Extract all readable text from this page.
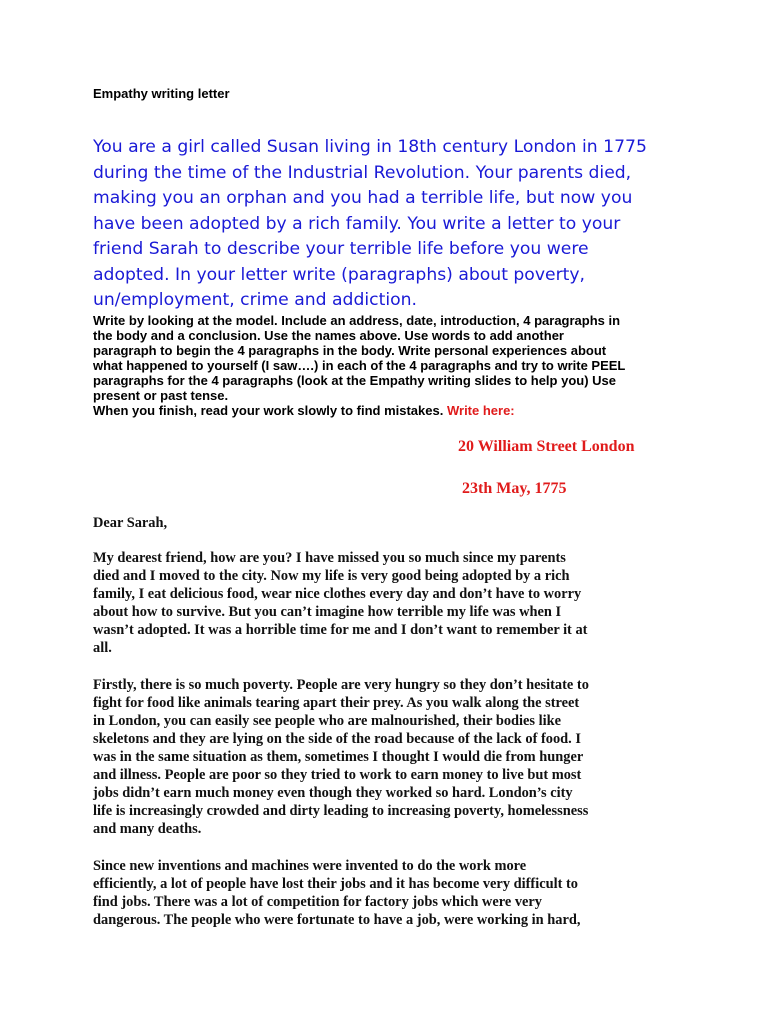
Empathy writing letter

You are a girl called Susan living in 18th century London in 1775
during the time of the Industrial Revolution. Your parents died,
making you an orphan and you had a terrible life, but now you
have been adopted by a rich family. You write a letter to your
friend Sarah to describe your terrible life before you were
adopted. In your letter write (paragraphs) about poverty,
un/employment, crime and addiction.

Write by looking at the model. Include an address, date, introduction, 4 paragraphs in
the body and a conclusion. Use the names above. Use words to add another
paragraph to begin the 4 paragraphs in the body. Write personal experiences about
what happened to yourself (I saw….) in each of the 4 paragraphs and try to write PEEL
paragraphs for the 4 paragraphs (look at the Empathy writing slides to help you) Use
present or past tense.
When you finish, read your work slowly to find mistakes. Write here:

20 William Street London

23th May, 1775

Dear Sarah,

My dearest friend, how are you? I have missed you so much since my parents
died and I moved to the city. Now my life is very good being adopted by a rich
family, I eat delicious food, wear nice clothes every day and don’t have to worry
about how to survive. But you can’t imagine how terrible my life was when I
wasn’t adopted. It was a horrible time for me and I don’t want to remember it at
all.

Firstly, there is so much poverty. People are very hungry so they don’t hesitate to
fight for food like animals tearing apart their prey. As you walk along the street
in London, you can easily see people who are malnourished, their bodies like
skeletons and they are lying on the side of the road because of the lack of food. I
was in the same situation as them, sometimes I thought I would die from hunger
and illness. People are poor so they tried to work to earn money to live but most
jobs didn’t earn much money even though they worked so hard. London’s city
life is increasingly crowded and dirty leading to increasing poverty, homelessness
and many deaths.

Since new inventions and machines were invented to do the work more
efficiently, a lot of people have lost their jobs and it has become very difficult to
find jobs. There was a lot of competition for factory jobs which were very
dangerous. The people who were fortunate to have a job, were working in hard,
